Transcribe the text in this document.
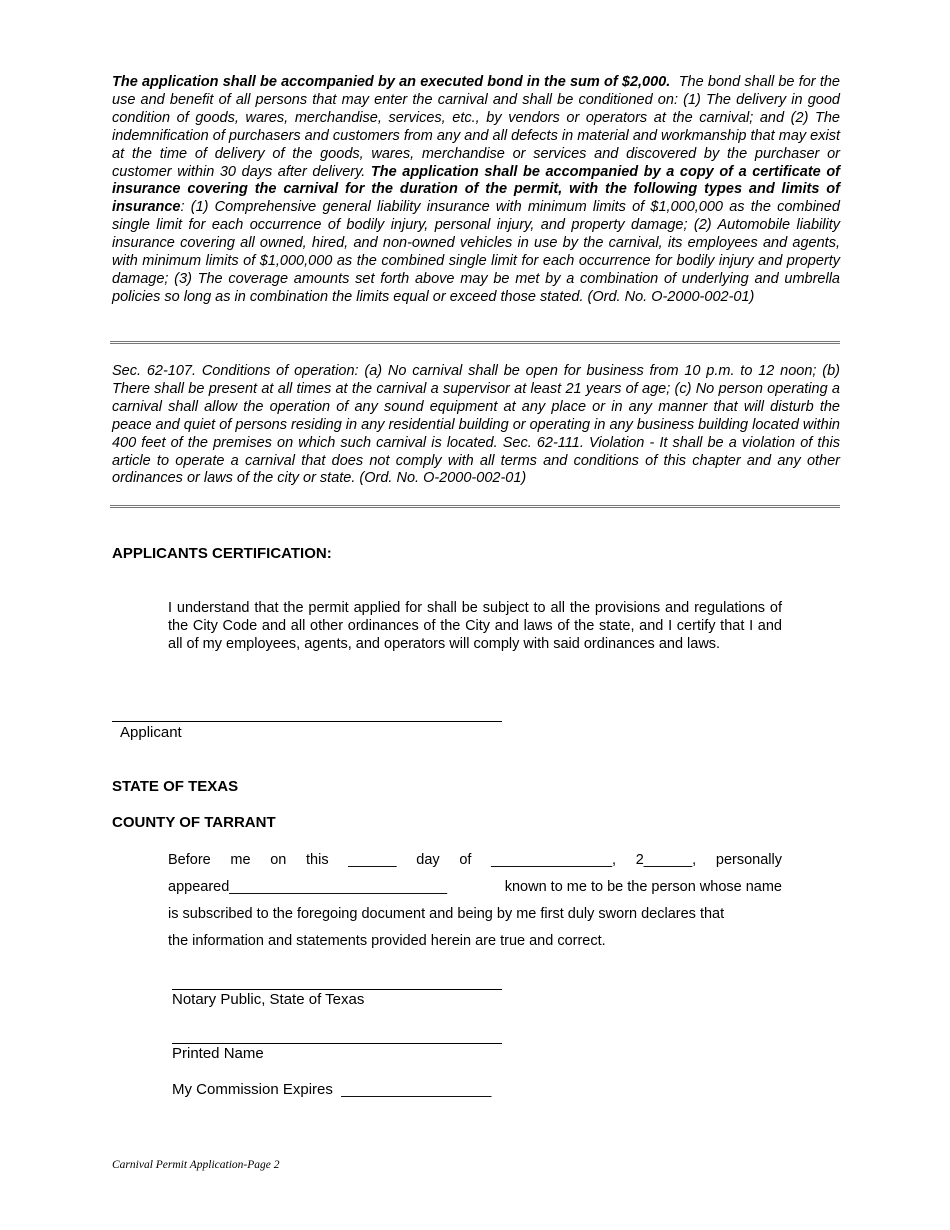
The application shall be accompanied by an executed bond in the sum of $2,000. The bond shall be for the use and benefit of all persons that may enter the carnival and shall be conditioned on: (1) The delivery in good condition of goods, wares, merchandise, services, etc., by vendors or operators at the carnival; and (2) The indemnification of purchasers and customers from any and all defects in material and workmanship that may exist at the time of delivery of the goods, wares, merchandise or services and discovered by the purchaser or customer within 30 days after delivery. The application shall be accompanied by a copy of a certificate of insurance covering the carnival for the duration of the permit, with the following types and limits of insurance: (1) Comprehensive general liability insurance with minimum limits of $1,000,000 as the combined single limit for each occurrence of bodily injury, personal injury, and property damage; (2) Automobile liability insurance covering all owned, hired, and non-owned vehicles in use by the carnival, its employees and agents, with minimum limits of $1,000,000 as the combined single limit for each occurrence for bodily injury and property damage; (3) The coverage amounts set forth above may be met by a combination of underlying and umbrella policies so long as in combination the limits equal or exceed those stated. (Ord. No. O-2000-002-01)
Sec. 62-107. Conditions of operation: (a) No carnival shall be open for business from 10 p.m. to 12 noon; (b) There shall be present at all times at the carnival a supervisor at least 21 years of age; (c) No person operating a carnival shall allow the operation of any sound equipment at any place or in any manner that will disturb the peace and quiet of persons residing in any residential building or operating in any business building located within 400 feet of the premises on which such carnival is located. Sec. 62-111. Violation - It shall be a violation of this article to operate a carnival that does not comply with all terms and conditions of this chapter and any other ordinances or laws of the city or state. (Ord. No. O-2000-002-01)
APPLICANTS CERTIFICATION:
I understand that the permit applied for shall be subject to all the provisions and regulations of the City Code and all other ordinances of the City and laws of the state, and I certify that I and all of my employees, agents, and operators will comply with said ordinances and laws.
Applicant
STATE OF TEXAS
COUNTY OF TARRANT
Before me on this ______ day of _______________, 2______, personally
appeared___________________________	known to me to be the person whose name
is subscribed to the foregoing document and being by me first duly sworn declares that
the information and statements provided herein are true and correct.
Notary Public, State of Texas
Printed Name
My Commission Expires  __________________
Carnival Permit Application-Page 2
